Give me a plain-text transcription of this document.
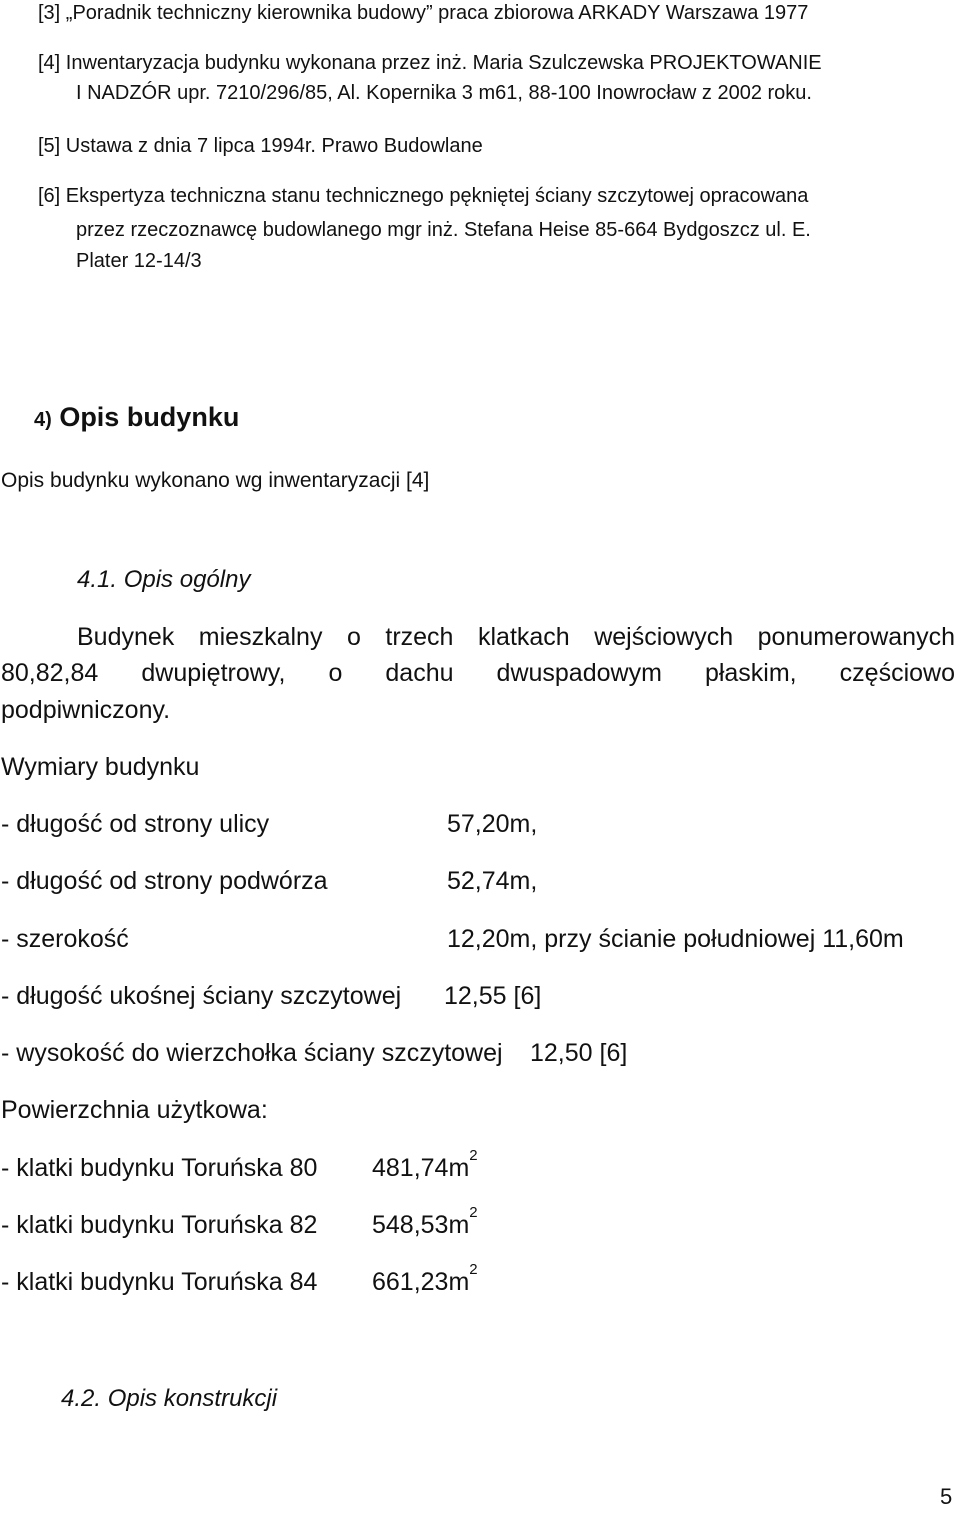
[3] „Poradnik techniczny kierownika budowy” praca zbiorowa ARKADY Warszawa 1977
[4] Inwentaryzacja budynku wykonana przez inż. Maria Szulczewska PROJEKTOWANIE
I NADZÓR upr. 7210/296/85, Al. Kopernika 3 m61, 88-100 Inowrocław z 2002 roku.
[5] Ustawa z dnia 7 lipca 1994r. Prawo Budowlane
[6] Ekspertyza techniczna stanu technicznego pękniętej ściany szczytowej opracowana
przez rzeczoznawcę budowlanego mgr inż. Stefana Heise 85-664 Bydgoszcz ul. E.
Plater 12-14/3
4) Opis budynku
Opis budynku wykonano wg inwentaryzacji [4]
4.1. Opis ogólny
Budynek mieszkalny o trzech klatkach wejściowych ponumerowanych
80,82,84 dwupiętrowy, o dachu dwuspadowym płaskim, częściowo
podpiwniczony.
Wymiary budynku
- długość od strony ulicy	57,20m,
- długość od strony podwórza	52,74m,
- szerokość	12,20m, przy ścianie południowej 11,60m
- długość ukośnej ściany szczytowej 12,55 [6]
- wysokość do wierzchołka ściany szczytowej 12,50 [6]
Powierzchnia użytkowa:
- klatki budynku Toruńska 80 $481,74m^2$
- klatki budynku Toruńska 82 $548,53m^2$
- klatki budynku Toruńska 84 $661,23m^2$
4.2. Opis konstrukcji
5
